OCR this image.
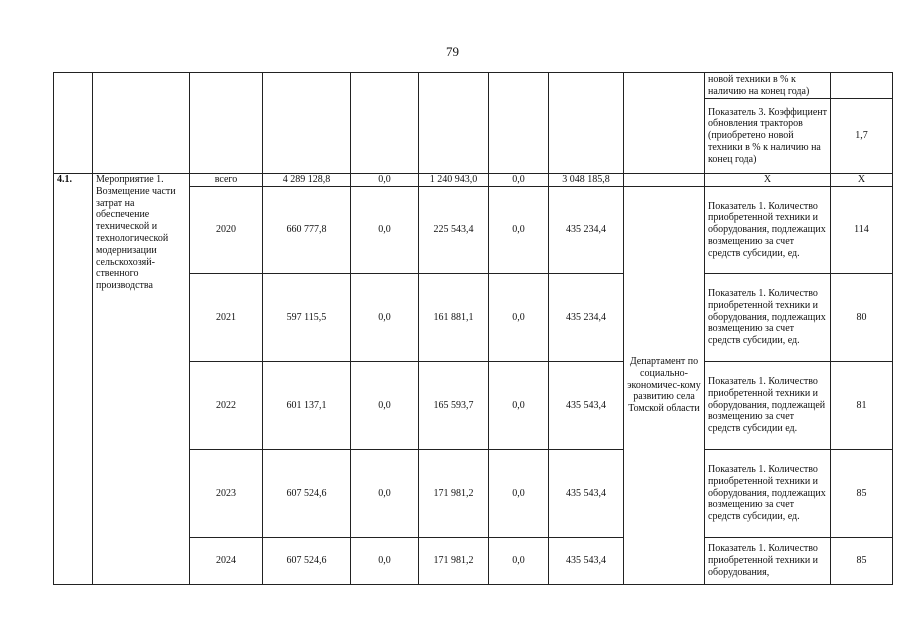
79
									новой техники в % к наличию на конец года)	
									Показатель 3. Коэффициент обновления тракторов (приобретено новой техники в % к наличию на конец года)	1,7
4.1.	Мероприятие 1. Возмещение части затрат на обеспечение технической и технологической модернизации сельскохозяй-ственного производства	всего	4 289 128,8	0,0	1 240 943,0	0,0	3 048 185,8		Х	Х
		2020	660 777,8	0,0	225 543,4	0,0	435 234,4	Департамент по социально-экономичес-кому развитию села Томской области	Показатель 1. Количество приобретенной техники и оборудования, подлежащих возмещению за счет средств субсидии, ед.	114
		2021	597 115,5	0,0	161 881,1	0,0	435 234,4		Показатель 1. Количество приобретенной техники и оборудования, подлежащих возмещению за счет средств субсидии, ед.	80
		2022	601 137,1	0,0	165 593,7	0,0	435 543,4		Показатель 1. Количество приобретенной техники и оборудования, подлежащей возмещению за счет средств субсидии ед.	81
		2023	607 524,6	0,0	171 981,2	0,0	435 543,4		Показатель 1. Количество приобретенной техники и оборудования, подлежащих возмещению за счет средств субсидии, ед.	85
		2024	607 524,6	0,0	171 981,2	0,0	435 543,4		Показатель 1. Количество приобретенной техники и оборудования,	85
